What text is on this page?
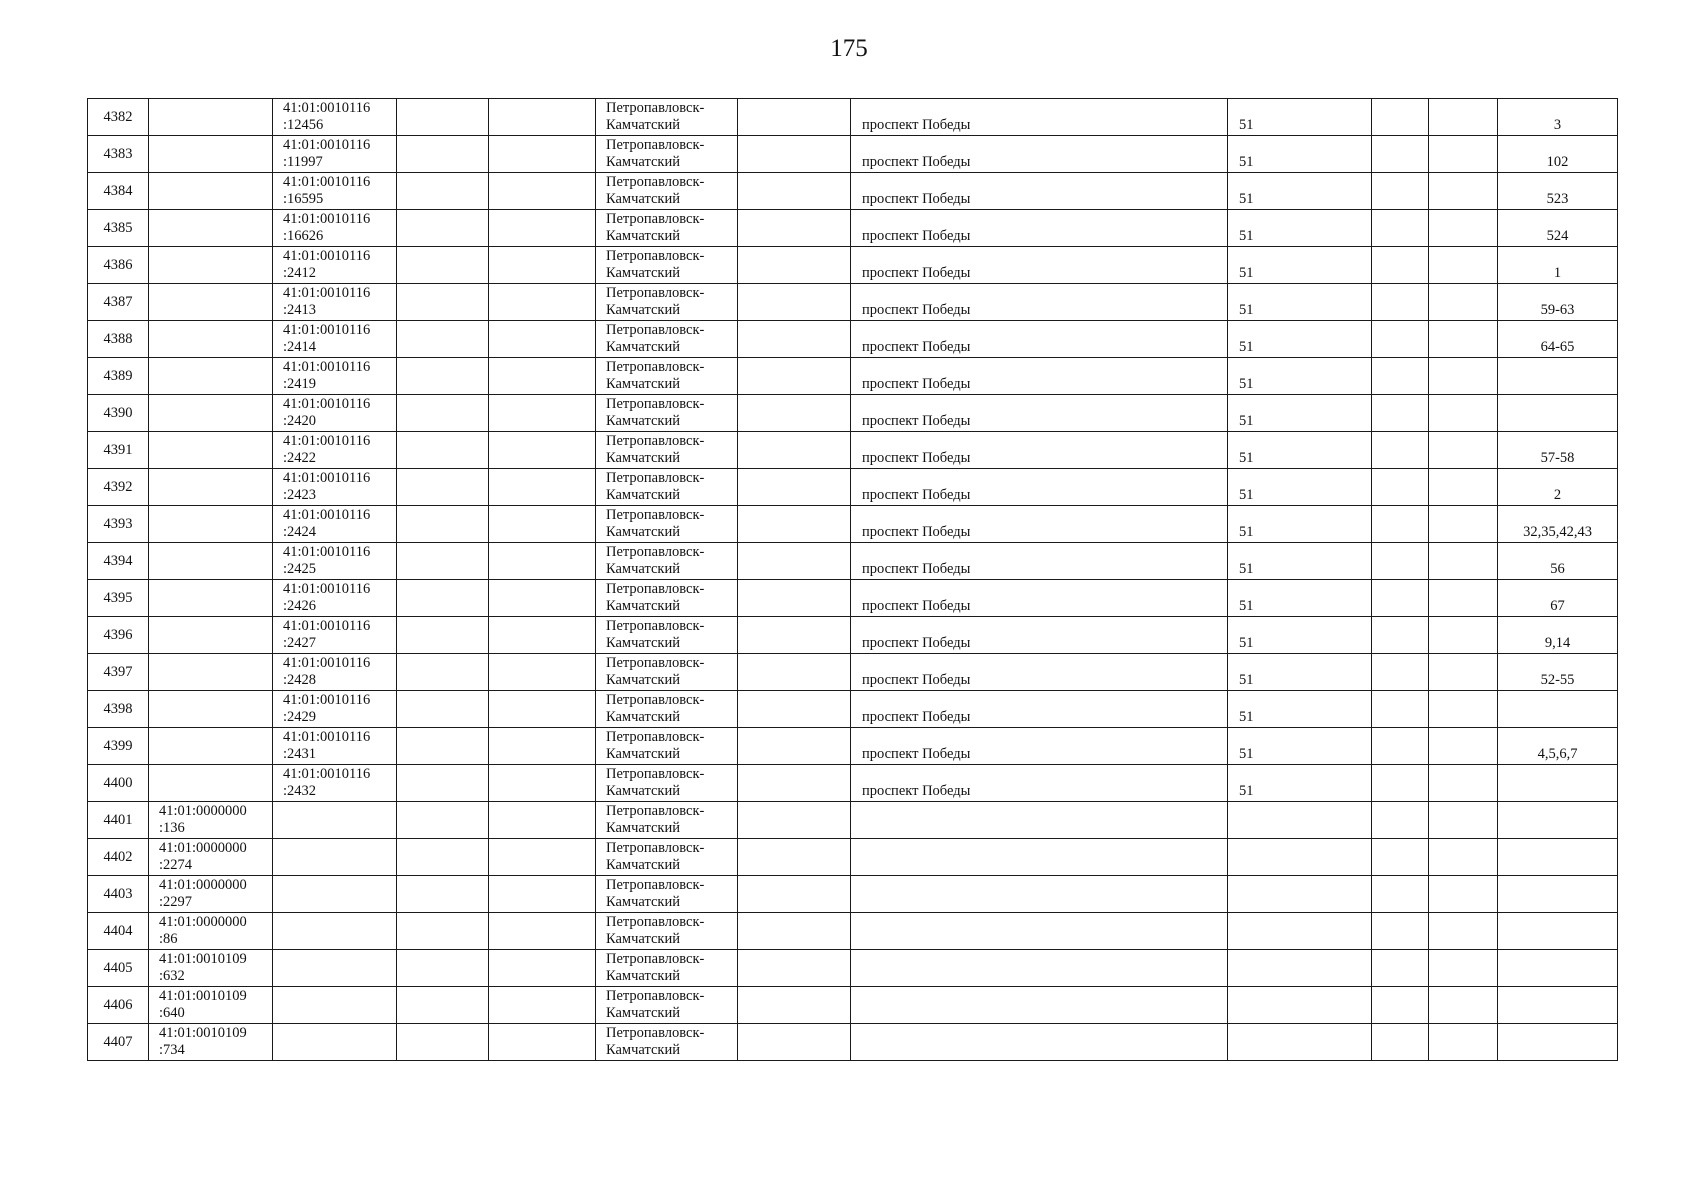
175
4382		41:01:0010116
:12456			Петропавловск-
Камчатский		проспект Победы	51			3
4383		41:01:0010116
:11997			Петропавловск-
Камчатский		проспект Победы	51			102
4384		41:01:0010116
:16595			Петропавловск-
Камчатский		проспект Победы	51			523
4385		41:01:0010116
:16626			Петропавловск-
Камчатский		проспект Победы	51			524
4386		41:01:0010116
:2412			Петропавловск-
Камчатский		проспект Победы	51			1
4387		41:01:0010116
:2413			Петропавловск-
Камчатский		проспект Победы	51			59-63
4388		41:01:0010116
:2414			Петропавловск-
Камчатский		проспект Победы	51			64-65
4389		41:01:0010116
:2419			Петропавловск-
Камчатский		проспект Победы	51			
4390		41:01:0010116
:2420			Петропавловск-
Камчатский		проспект Победы	51			
4391		41:01:0010116
:2422			Петропавловск-
Камчатский		проспект Победы	51			57-58
4392		41:01:0010116
:2423			Петропавловск-
Камчатский		проспект Победы	51			2
4393		41:01:0010116
:2424			Петропавловск-
Камчатский		проспект Победы	51			32,35,42,43
4394		41:01:0010116
:2425			Петропавловск-
Камчатский		проспект Победы	51			56
4395		41:01:0010116
:2426			Петропавловск-
Камчатский		проспект Победы	51			67
4396		41:01:0010116
:2427			Петропавловск-
Камчатский		проспект Победы	51			9,14
4397		41:01:0010116
:2428			Петропавловск-
Камчатский		проспект Победы	51			52-55
4398		41:01:0010116
:2429			Петропавловск-
Камчатский		проспект Победы	51			
4399		41:01:0010116
:2431			Петропавловск-
Камчатский		проспект Победы	51			4,5,6,7
4400		41:01:0010116
:2432			Петропавловск-
Камчатский		проспект Победы	51			
4401	41:01:0000000
:136				Петропавловск-
Камчатский						

4402	41:01:0000000
:2274				Петропавловск-
Камчатский						

4403	41:01:0000000
:2297				Петропавловск-
Камчатский						

4404	41:01:0000000
:86				Петропавловск-
Камчатский						

4405	41:01:0010109
:632				Петропавловск-
Камчатский						

4406	41:01:0010109
:640				Петропавловск-
Камчатский						

4407	41:01:0010109
:734				Петропавловск-
Камчатский						
